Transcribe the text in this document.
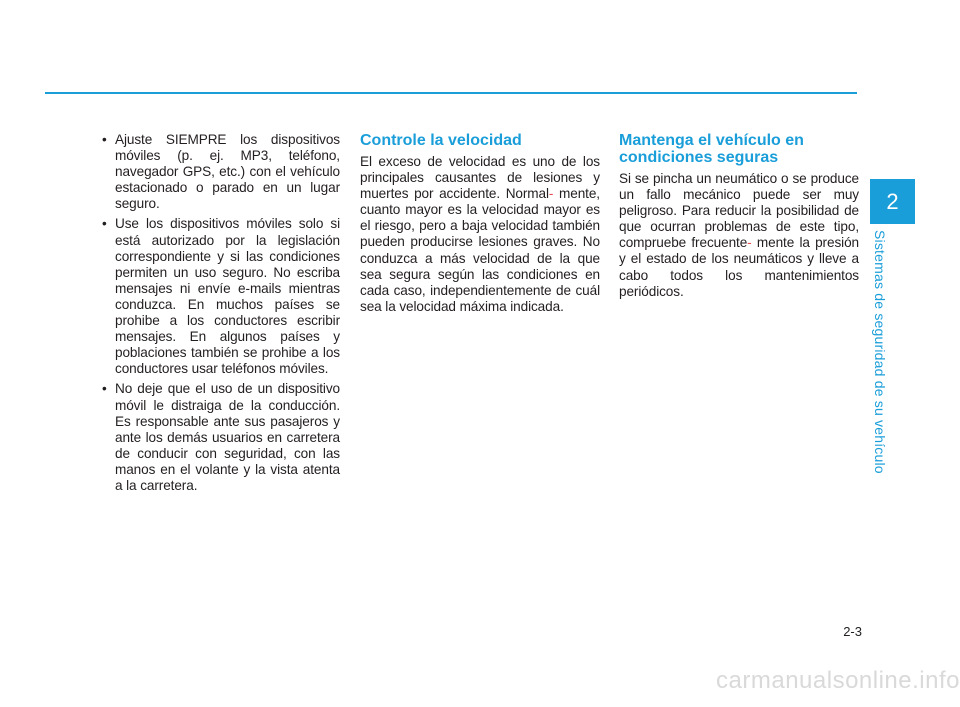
• Ajuste SIEMPRE los dispositivos móviles (p. ej. MP3, teléfono, navegador GPS, etc.) con el vehículo estacionado o parado en un lugar seguro.
• Use los dispositivos móviles solo si está autorizado por la legislación correspondiente y si las condiciones permiten un uso seguro. No escriba mensajes ni envíe e-mails mientras conduzca. En muchos países se prohibe a los conductores escribir mensajes. En algunos países y poblaciones también se prohibe a los conductores usar teléfonos móviles.
• No deje que el uso de un dispositivo móvil le distraiga de la conducción. Es responsable ante sus pasajeros y ante los demás usuarios en carretera de conducir con seguridad, con las manos en el volante y la vista atenta a la carretera.
Controle la velocidad

El exceso de velocidad es uno de los principales causantes de lesiones y muertes por accidente. Normal- mente, cuanto mayor es la velocidad mayor es el riesgo, pero a baja velocidad también pueden producirse lesiones graves. No conduzca a más velocidad de la que sea segura según las condiciones en cada caso, independientemente de cuál sea la velocidad máxima indicada.

Mantenga el vehículo en condiciones seguras

Si se pincha un neumático o se produce un fallo mecánico puede ser muy peligroso. Para reducir la posibilidad de que ocurran problemas de este tipo, compruebe frecuente- mente la presión y el estado de los neumáticos y lleve a cabo todos los mantenimientos periódicos.

2
Sistemas de seguridad de su vehículo
2-3
carmanualsonline.info
